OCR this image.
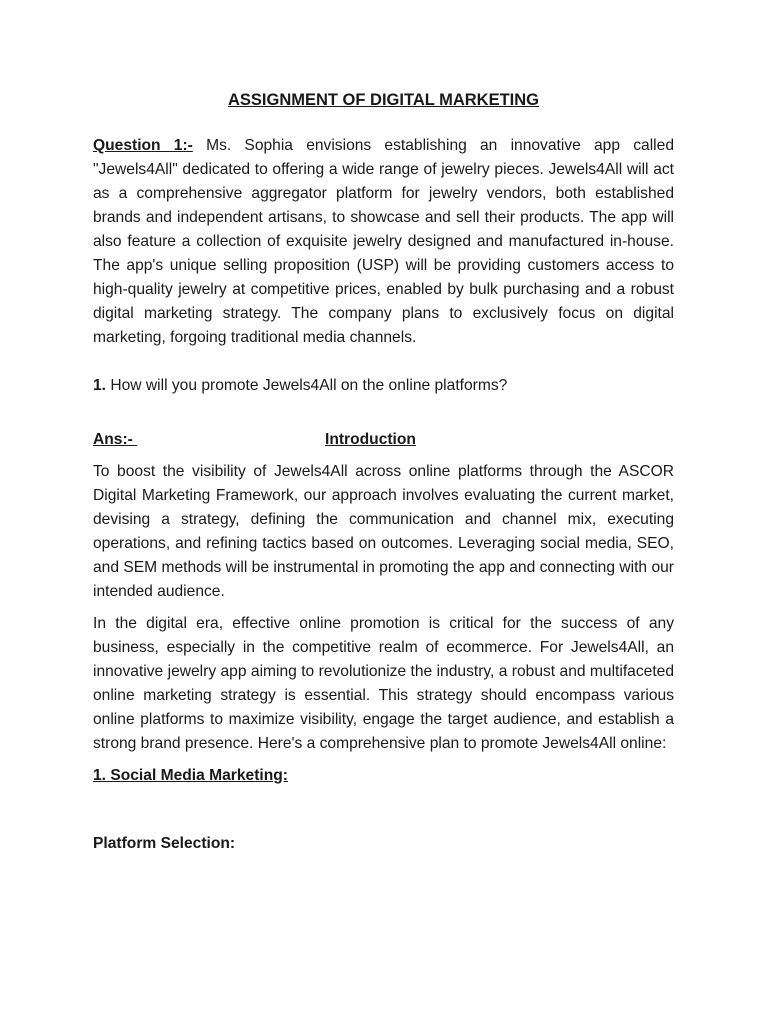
ASSIGNMENT OF DIGITAL MARKETING

Question 1:- Ms. Sophia envisions establishing an innovative app called "Jewels4All" dedicated to offering a wide range of jewelry pieces. Jewels4All will act as a comprehensive aggregator platform for jewelry vendors, both established brands and independent artisans, to showcase and sell their products. The app will also feature a collection of exquisite jewelry designed and manufactured in-house. The app's unique selling proposition (USP) will be providing customers access to high-quality jewelry at competitive prices, enabled by bulk purchasing and a robust digital marketing strategy. The company plans to exclusively focus on digital marketing, forgoing traditional media channels.

1. How will you promote Jewels4All on the online platforms?

Ans:-	Introduction

To boost the visibility of Jewels4All across online platforms through the ASCOR Digital Marketing Framework, our approach involves evaluating the current market, devising a strategy, defining the communication and channel mix, executing operations, and refining tactics based on outcomes. Leveraging social media, SEO, and SEM methods will be instrumental in promoting the app and connecting with our intended audience.

In the digital era, effective online promotion is critical for the success of any business, especially in the competitive realm of ecommerce. For Jewels4All, an innovative jewelry app aiming to revolutionize the industry, a robust and multifaceted online marketing strategy is essential. This strategy should encompass various online platforms to maximize visibility, engage the target audience, and establish a strong brand presence. Here's a comprehensive plan to promote Jewels4All online:

1. Social Media Marketing:

Platform Selection:
